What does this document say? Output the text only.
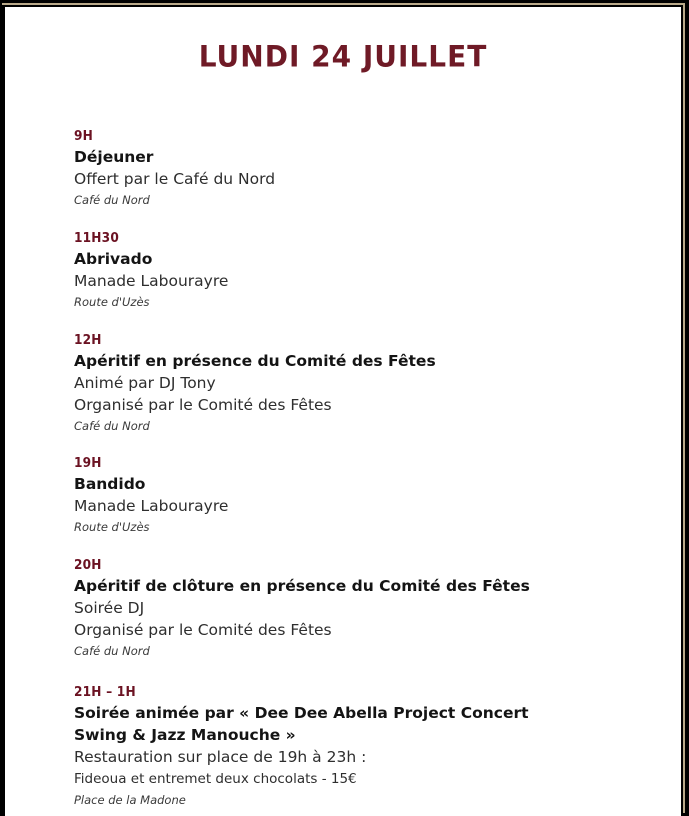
LUNDI 24 JUILLET
9H
Déjeuner
Offert par le Café du Nord
Café du Nord
11H30
Abrivado
Manade Labourayre
Route d'Uzès
12H
Apéritif en présence du Comité des Fêtes
Animé par DJ Tony
Organisé par le Comité des Fêtes
Café du Nord
19H
Bandido
Manade Labourayre
Route d'Uzès
20H
Apéritif de clôture en présence du Comité des Fêtes
Soirée DJ
Organisé par le Comité des Fêtes
Café du Nord
21H – 1H
Soirée animée par « Dee Dee Abella Project Concert
Swing & Jazz Manouche »
Restauration sur place de 19h à 23h :
Fideoua et entremet deux chocolats - 15€
Place de la Madone
